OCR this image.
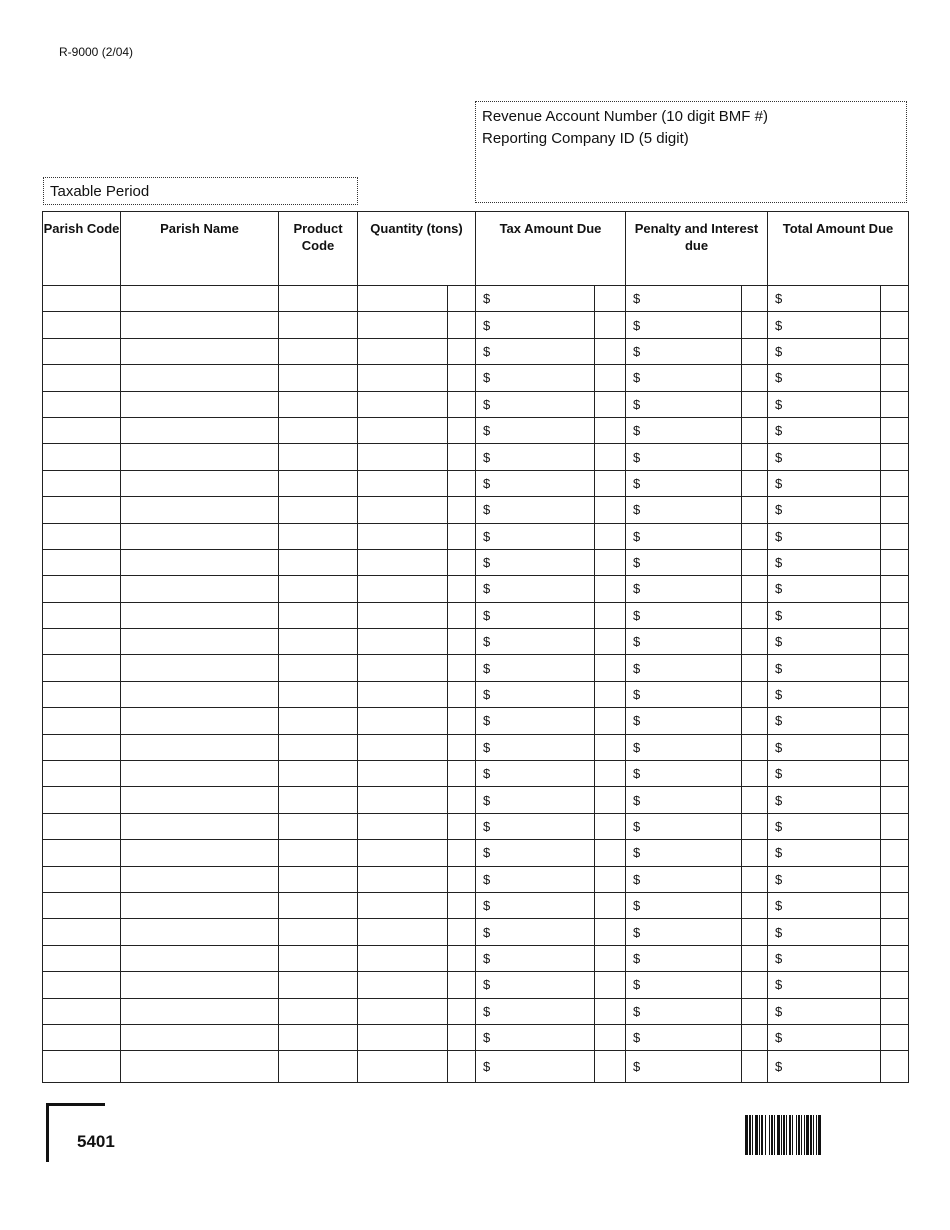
R-9000 (2/04)
Revenue Account Number (10 digit BMF #)
Reporting Company ID (5 digit)
Taxable Period
Parish Code	Parish Name	Product Code	Quantity (tons)		Tax Amount Due		Penalty and Interest due		Total Amount Due	
					$		$		$	
					$		$		$	
					$		$		$	
					$		$		$	
					$		$		$	
					$		$		$	
					$		$		$	
					$		$		$	
					$		$		$	
					$		$		$	
					$		$		$	
					$		$		$	
					$		$		$	
					$		$		$	
					$		$		$	
					$		$		$	
					$		$		$	
					$		$		$	
					$		$		$	
					$		$		$	
					$		$		$	
					$		$		$	
					$		$		$	
					$		$		$	
					$		$		$	
					$		$		$	
					$		$		$	
					$		$		$	
					$		$		$	
					$		$		$	
5401
